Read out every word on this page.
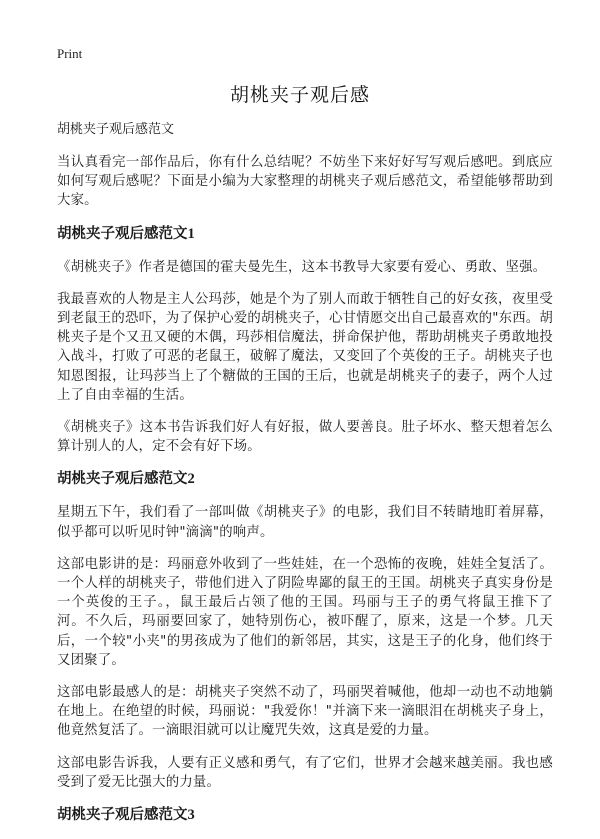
Print
胡桃夹子观后感

胡桃夹子观后感范文

当认真看完一部作品后，你有什么总结呢？不妨坐下来好好写写观后感吧。到底应如何写观后感呢？下面是小编为大家整理的胡桃夹子观后感范文，希望能够帮助到大家。

胡桃夹子观后感范文1

《胡桃夹子》作者是德国的霍夫曼先生，这本书教导大家要有爱心、勇敢、坚强。

我最喜欢的人物是主人公玛莎，她是个为了别人而敢于牺牲自己的好女孩，夜里受到老鼠王的恐吓，为了保护心爱的胡桃夹子，心甘情愿交出自己最喜欢的"东西。胡桃夹子是个又丑又硬的木偶，玛莎相信魔法，拼命保护他，帮助胡桃夹子勇敢地投入战斗，打败了可恶的老鼠王，破解了魔法，又变回了个英俊的王子。胡桃夹子也知恩图报，让玛莎当上了个糖做的王国的王后，也就是胡桃夹子的妻子，两个人过上了自由幸福的生活。

《胡桃夹子》这本书告诉我们好人有好报，做人要善良。肚子坏水、整天想着怎么算计别人的人，定不会有好下场。

胡桃夹子观后感范文2

星期五下午，我们看了一部叫做《胡桃夹子》的电影，我们目不转睛地盯着屏幕，似乎都可以听见时钟"滴滴"的响声。

这部电影讲的是：玛丽意外收到了一些娃娃，在一个恐怖的夜晚，娃娃全复活了。一个人样的胡桃夹子，带他们进入了阴险卑鄙的鼠王的王国。胡桃夹子真实身份是一个英俊的王子。，鼠王最后占领了他的王国。玛丽与王子的勇气将鼠王推下了河。不久后，玛丽要回家了，她特别伤心，被吓醒了，原来，这是一个梦。几天后，一个较"小夹"的男孩成为了他们的新邻居，其实，这是王子的化身，他们终于又团聚了。

这部电影最感人的是：胡桃夹子突然不动了，玛丽哭着喊他，他却一动也不动地躺在地上。在绝望的时候，玛丽说："我爱你！"并滴下来一滴眼泪在胡桃夹子身上，他竟然复活了。一滴眼泪就可以让魔咒失效，这真是爱的力量。

这部电影告诉我，人要有正义感和勇气，有了它们，世界才会越来越美丽。我也感受到了爱无比强大的力量。

胡桃夹子观后感范文3
